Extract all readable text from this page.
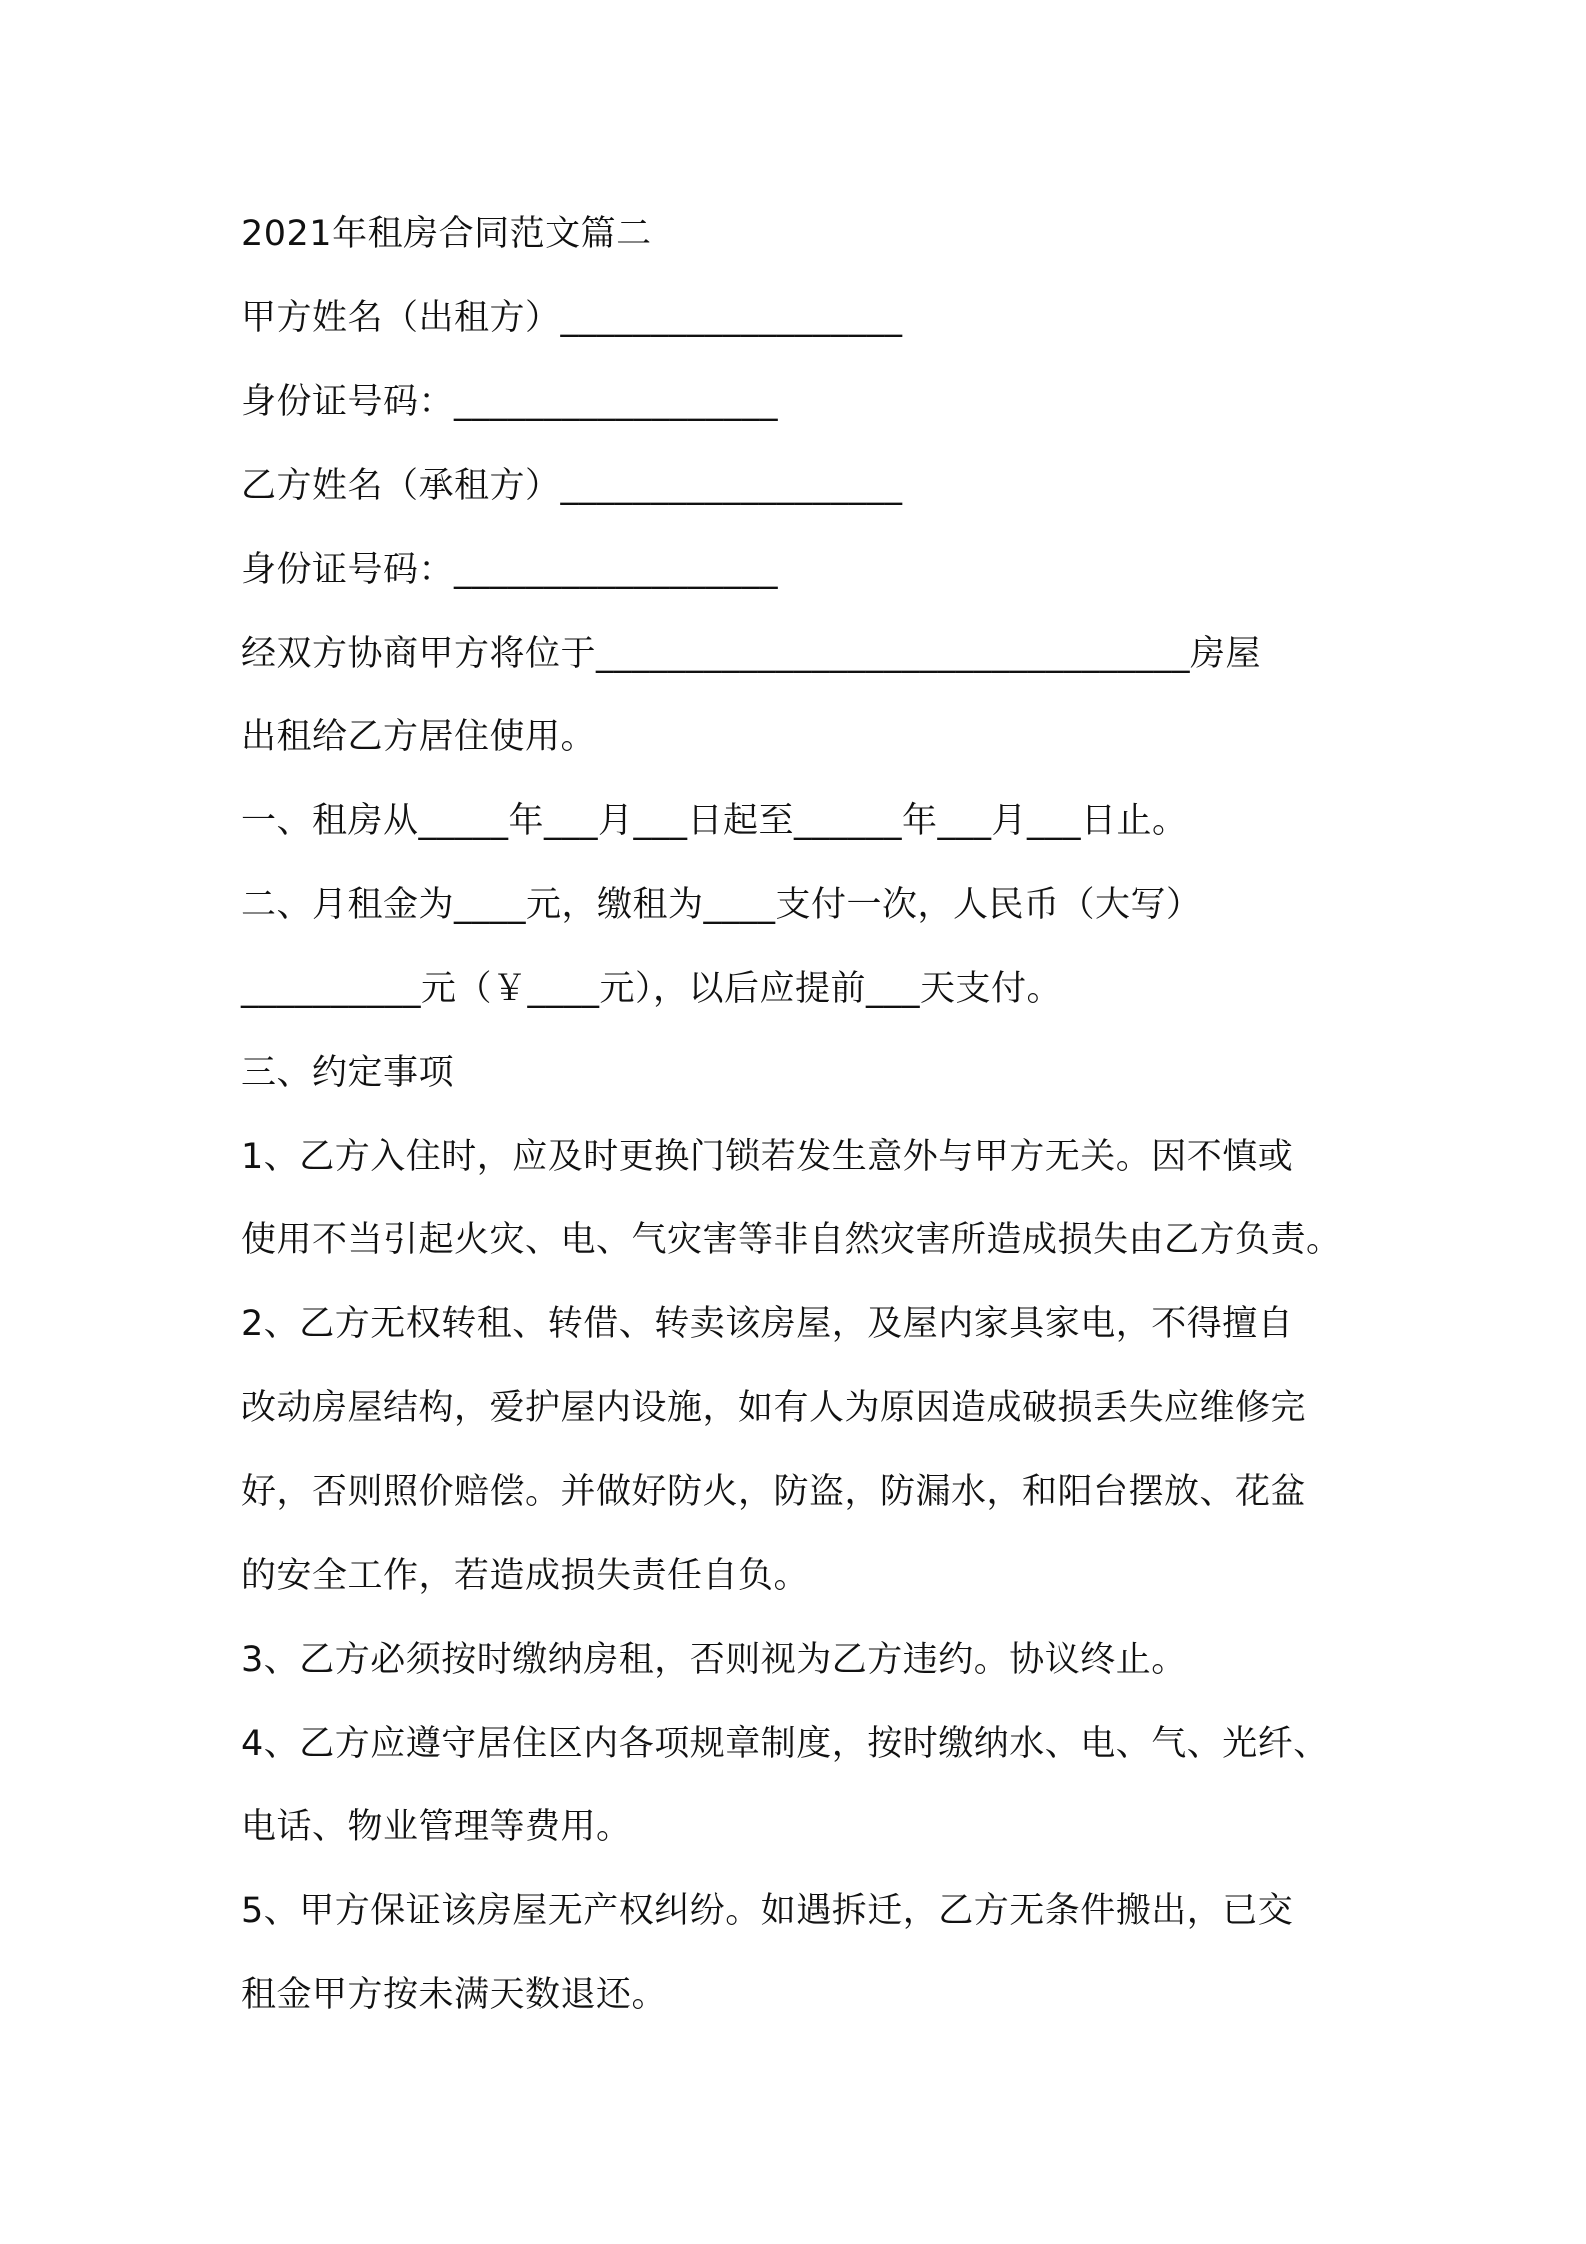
2021年租房合同范文篇二
甲方姓名（出租方）___________________
身份证号码：__________________
乙方姓名（承租方）___________________
身份证号码：__________________
经双方协商甲方将位于_________________________________房屋
出租给乙方居住使用。
一、租房从_____年___月___日起至______年___月___日止。
二、月租金为____元，缴租为____支付一次，人民币（大写）
__________元（￥____元），以后应提前___天支付。
三、约定事项
1、乙方入住时，应及时更换门锁若发生意外与甲方无关。因不慎或
使用不当引起火灾、电、气灾害等非自然灾害所造成损失由乙方负责。
2、乙方无权转租、转借、转卖该房屋，及屋内家具家电，不得擅自
改动房屋结构，爱护屋内设施，如有人为原因造成破损丢失应维修完
好，否则照价赔偿。并做好防火，防盗，防漏水，和阳台摆放、花盆
的安全工作，若造成损失责任自负。
3、乙方必须按时缴纳房租，否则视为乙方违约。协议终止。
4、乙方应遵守居住区内各项规章制度，按时缴纳水、电、气、光纤、
电话、物业管理等费用。
5、甲方保证该房屋无产权纠纷。如遇拆迁，乙方无条件搬出，已交
租金甲方按未满天数退还。
